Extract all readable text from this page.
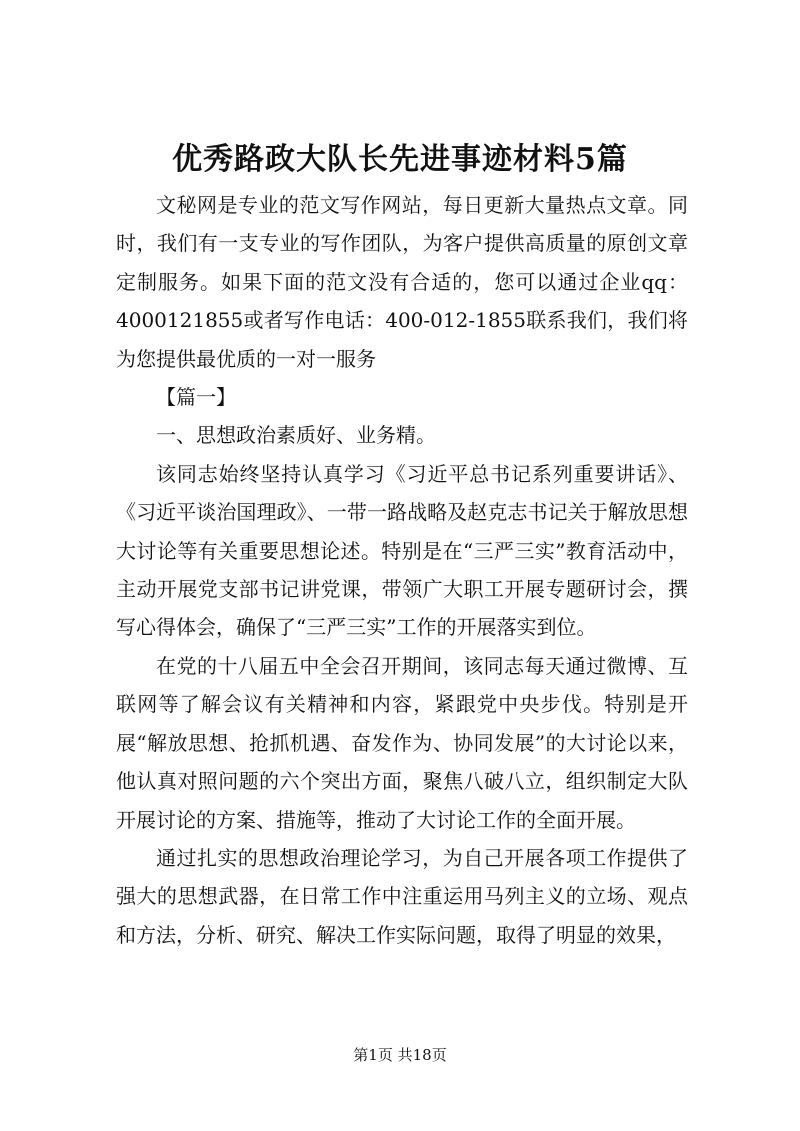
优秀路政大队长先进事迹材料5篇

文秘网是专业的范文写作网站，每日更新大量热点文章。同时，我们有一支专业的写作团队，为客户提供高质量的原创文章定制服务。如果下面的范文没有合适的，您可以通过企业qq：4000121855或者写作电话：400-012-1855联系我们，我们将为您提供最优质的一对一服务

【篇一】

一、思想政治素质好、业务精。

该同志始终坚持认真学习《习近平总书记系列重要讲话》、《习近平谈治国理政》、一带一路战略及赵克志书记关于解放思想大讨论等有关重要思想论述。特别是在“三严三实”教育活动中，主动开展党支部书记讲党课，带领广大职工开展专题研讨会，撰写心得体会，确保了“三严三实”工作的开展落实到位。

在党的十八届五中全会召开期间，该同志每天通过微博、互联网等了解会议有关精神和内容，紧跟党中央步伐。特别是开展“解放思想、抢抓机遇、奋发作为、协同发展”的大讨论以来，他认真对照问题的六个突出方面，聚焦八破八立，组织制定大队开展讨论的方案、措施等，推动了大讨论工作的全面开展。

通过扎实的思想政治理论学习，为自己开展各项工作提供了强大的思想武器，在日常工作中注重运用马列主义的立场、观点和方法，分析、研究、解决工作实际问题，取得了明显的效果，

第1页 共18页
